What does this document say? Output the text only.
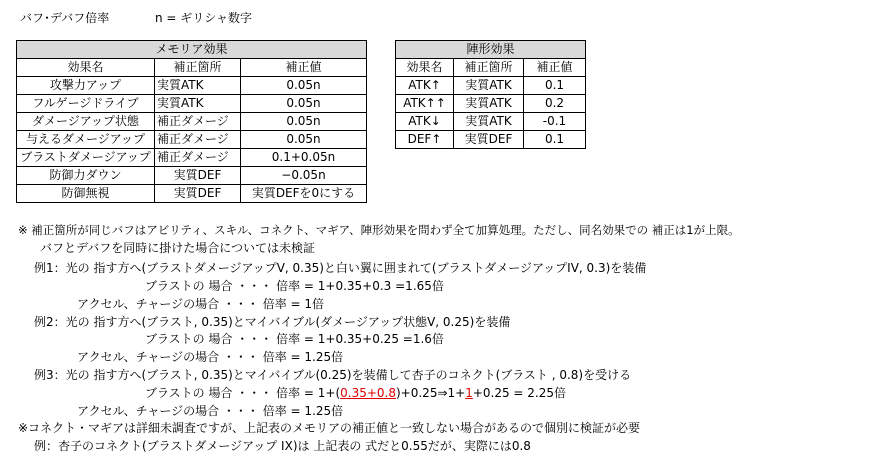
バフ･デバフ倍率	n = ギリシャ数字
メモリア効果		
効果名	補正箇所	補正値
攻撃力アップ	実質ATK	0.05n
フルゲージドライブ	実質ATK	0.05n
ダメージアップ状態	補正ダメージ	0.05n
与えるダメージアップ	補正ダメージ	0.05n
ブラストダメージアップ	補正ダメージ	0.1+0.05n
防御力ダウン	実質DEF	−0.05n
防御無視	実質DEF	実質DEFを0にする
陣形効果		
効果名	補正箇所	補正値
ATK↑	実質ATK	0.1
ATK↑↑	実質ATK	0.2
ATK↓	実質ATK	-0.1
DEF↑	実質DEF	0.1
※ 補正箇所が同じバフはアビリティ、スキル、コネクト、マギア、陣形効果を問わず全て加算処理。ただし、同名効果での 補正は1が上限。
バフとデバフを同時に掛けた場合については未検証
例1：光の 指す方へ(ブラストダメージアップV, 0.35)と白い翼に囲まれて(ブラストダメージアップIV, 0.3)を装備
ブラストの 場合 ・・・ 倍率 = 1+0.35+0.3 =1.65倍
アクセル、チャージの場合 ・・・ 倍率 = 1倍
例2：光の 指す方へ(ブラスト, 0.35)とマイバイブル(ダメージアップ状態V, 0.25)を装備
ブラストの 場合 ・・・ 倍率 = 1+0.35+0.25 =1.6倍
アクセル、チャージの場合 ・・・ 倍率 = 1.25倍
例3：光の 指す方へ(ブラスト, 0.35)とマイバイブル(0.25)を装備して杏子のコネクト(ブラスト , 0.8)を受ける
ブラストの 場合 ・・・ 倍率 = 1+(0.35+0.8)+0.25⇒1+1+0.25 = 2.25倍
アクセル、チャージの場合 ・・・ 倍率 = 1.25倍
※コネクト・マギアは詳細未調査ですが、上記表のメモリアの補正値と一致しない場合があるので個別に検証が必要
例：杏子のコネクト(ブラストダメージアップ IX)は 上記表の 式だと0.55だが、実際には0.8
